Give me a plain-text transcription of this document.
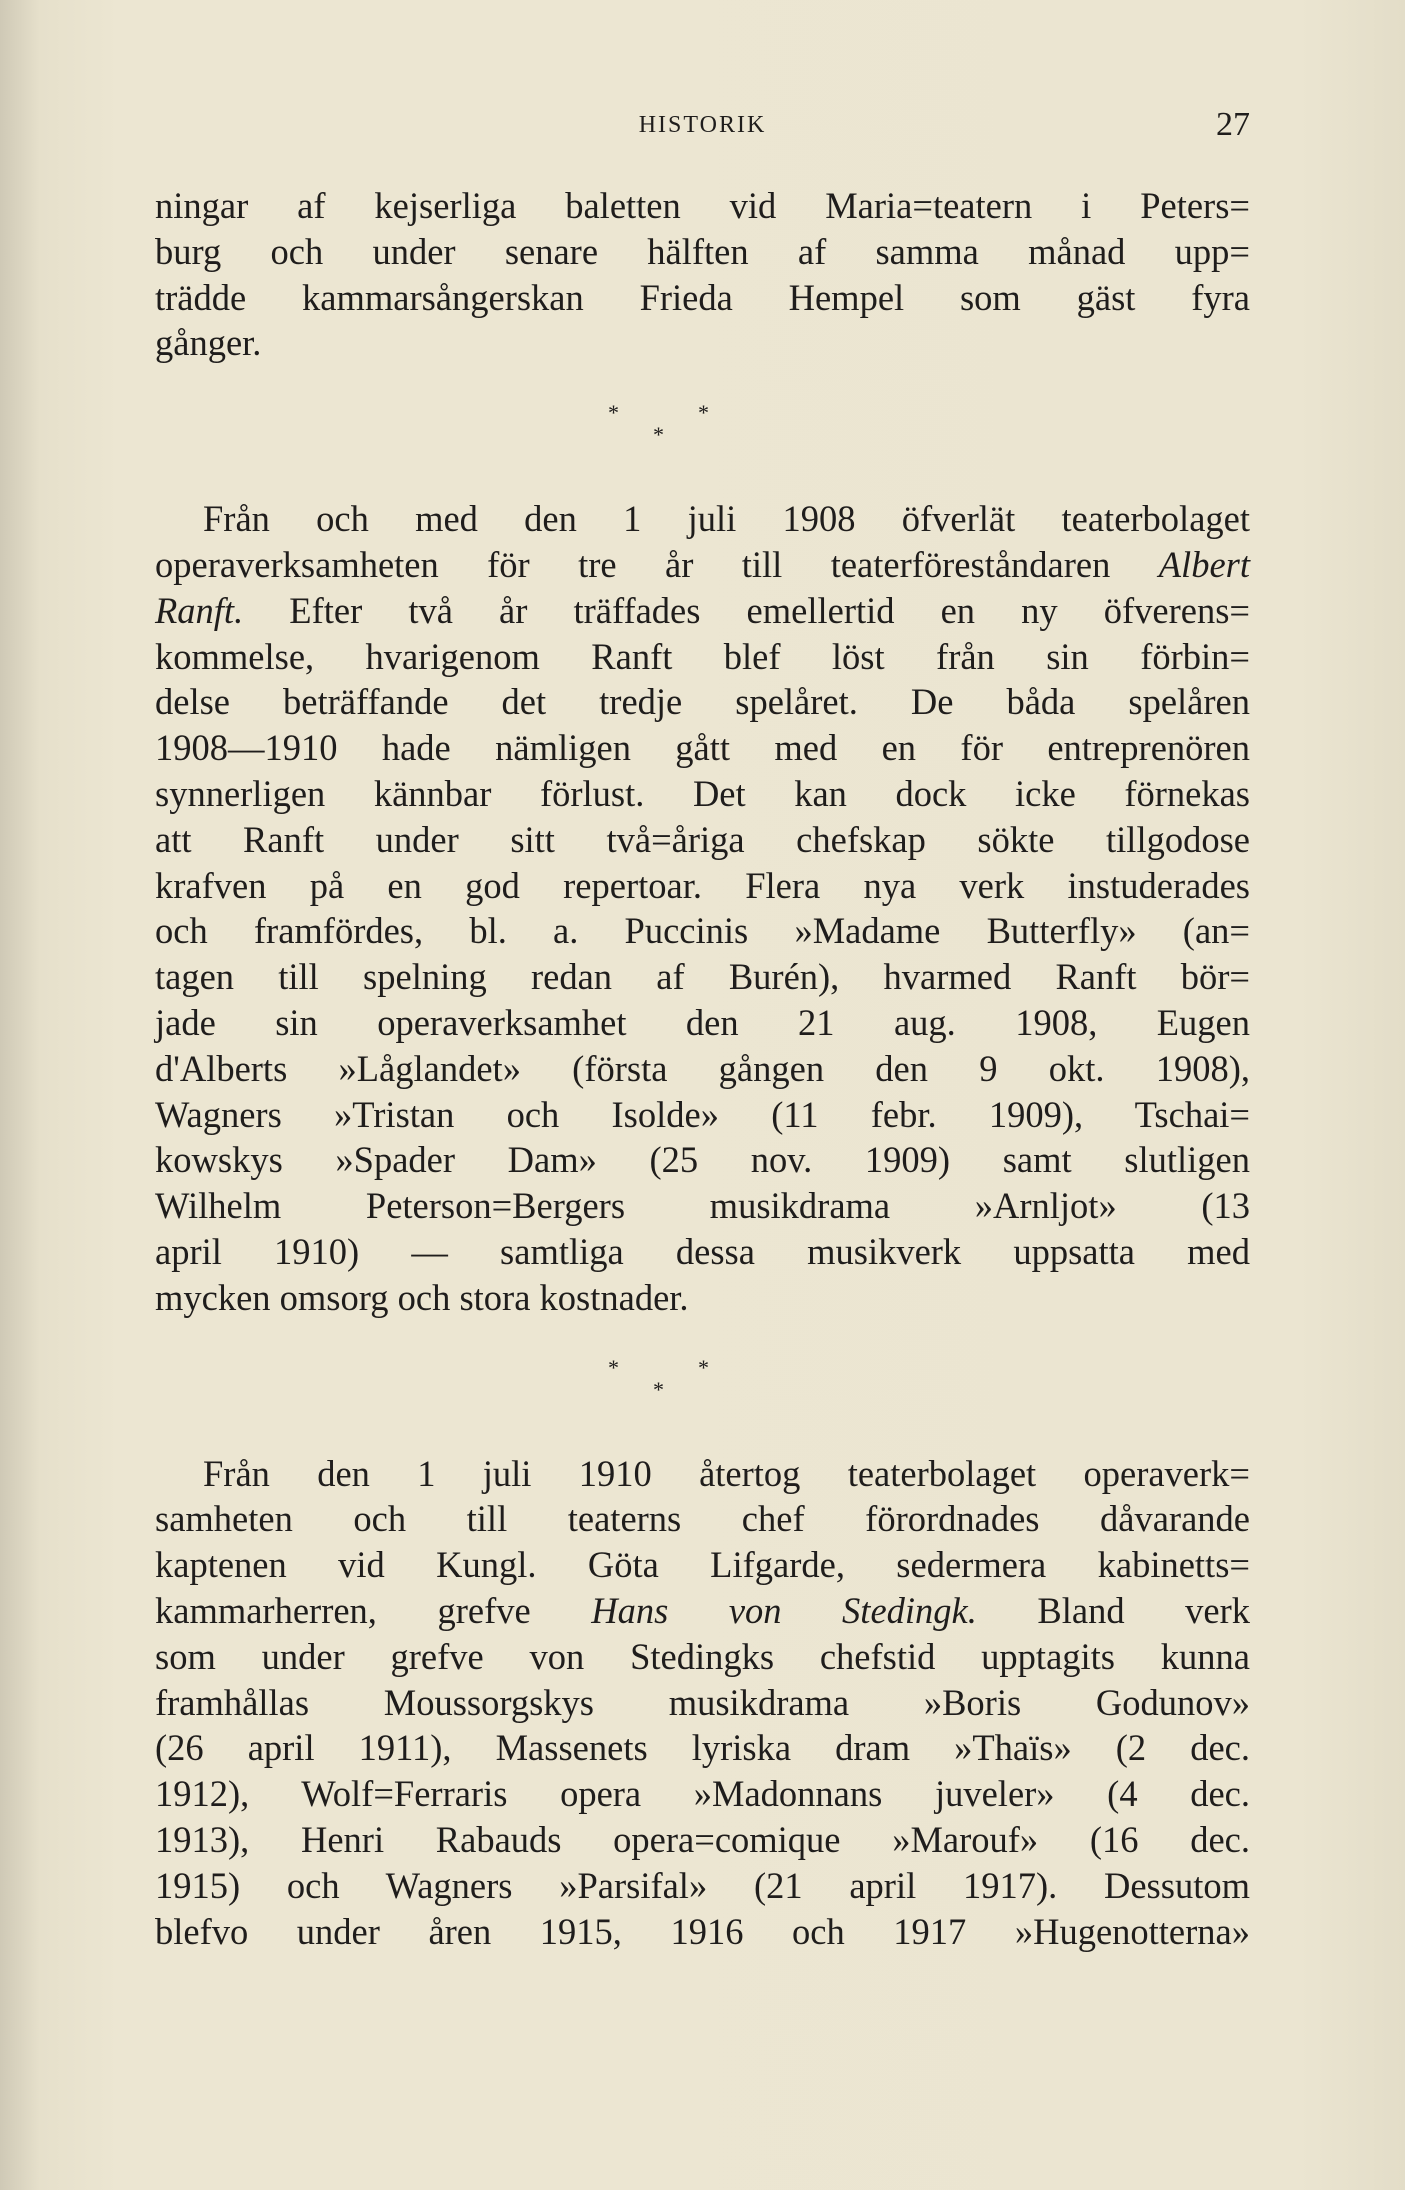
HISTORIK	27
ningar af kejserliga baletten vid Maria=teatern i Peters=
burg och under senare hälften af samma månad upp=
trädde kammarsångerskan Frieda Hempel som gäst fyra
gånger.
*	*
*
Från och med den 1 juli 1908 öfverlät teaterbolaget
operaverksamheten för tre år till teaterföreståndaren Albert
Ranft. Efter två år träffades emellertid en ny öfverens=
kommelse, hvarigenom Ranft blef löst från sin förbin=
delse beträffande det tredje spelåret. De båda spelåren
1908—1910 hade nämligen gått med en för entreprenören
synnerligen kännbar förlust. Det kan dock icke förnekas
att Ranft under sitt två=åriga chefskap sökte tillgodose
krafven på en god repertoar. Flera nya verk instuderades
och framfördes, bl. a. Puccinis »Madame Butterfly» (an=
tagen till spelning redan af Burén), hvarmed Ranft bör=
jade sin operaverksamhet den 21 aug. 1908, Eugen
d'Alberts »Låglandet» (första gången den 9 okt. 1908),
Wagners »Tristan och Isolde» (11 febr. 1909), Tschai=
kowskys »Spader Dam» (25 nov. 1909) samt slutligen
Wilhelm Peterson=Bergers musikdrama »Arnljot» (13
april 1910) — samtliga dessa musikverk uppsatta med
mycken omsorg och stora kostnader.
*	*
*
Från den 1 juli 1910 återtog teaterbolaget operaverk=
samheten och till teaterns chef förordnades dåvarande
kaptenen vid Kungl. Göta Lifgarde, sedermera kabinetts=
kammarherren, grefve Hans von Stedingk. Bland verk
som under grefve von Stedingks chefstid upptagits kunna
framhållas Moussorgskys musikdrama »Boris Godunov»
(26 april 1911), Massenets lyriska dram »Thaïs» (2 dec.
1912), Wolf=Ferraris opera »Madonnans juveler» (4 dec.
1913), Henri Rabauds opera=comique »Marouf» (16 dec.
1915) och Wagners »Parsifal» (21 april 1917). Dessutom
blefvo under åren 1915, 1916 och 1917 »Hugenotterna»
